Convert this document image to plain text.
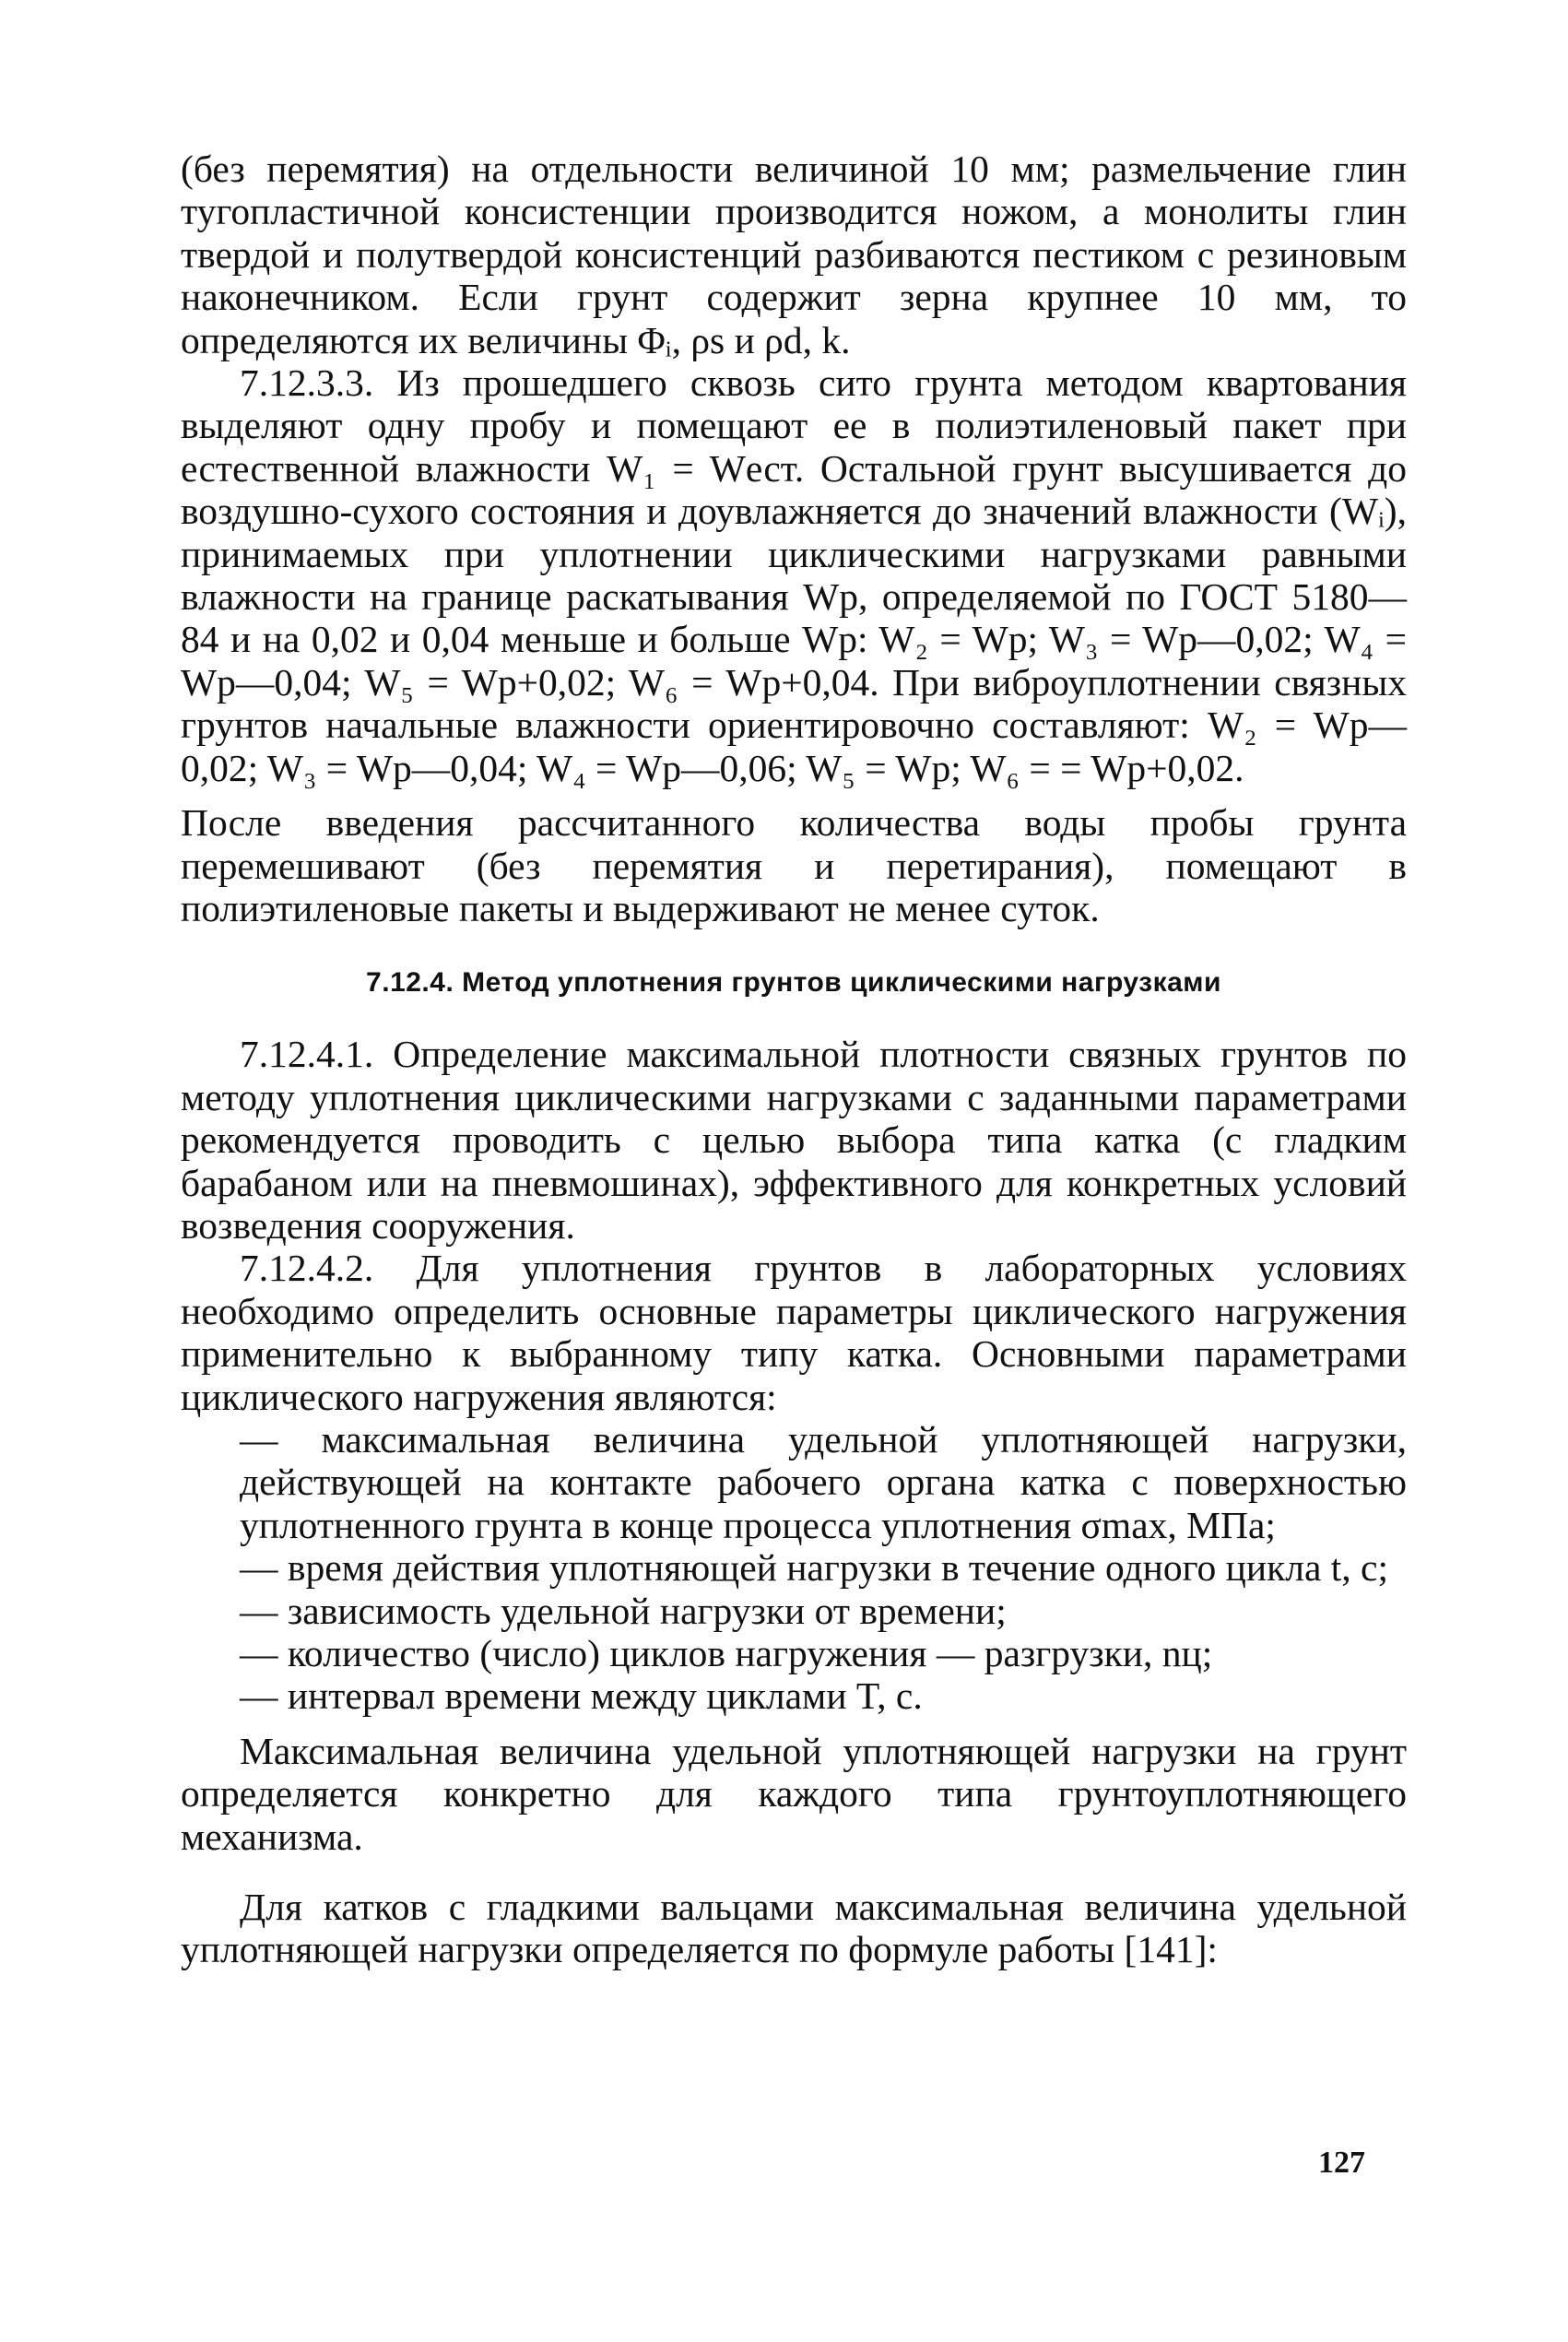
(без перемятия) на отдельности величиной 10 мм; размельчение глин тугопластичной консистенции производится ножом, а монолиты глин твердой и полутвердой консистенций разбиваются пестиком с резиновым наконечником. Если грунт содержит зерна крупнее 10 мм, то определяются их величины Φᵢ, ρs и ρd, k.

7.12.3.3. Из прошедшего сквозь сито грунта методом квартования выделяют одну пробу и помещают ее в полиэтиленовый пакет при естественной влажности W₁ = Wест. Остальной грунт высушивается до воздушно-сухого состояния и доувлажняется до значений влажности (Wᵢ), принимаемых при уплотнении циклическими нагрузками равными влажности на границе раскатывания Wp, определяемой по ГОСТ 5180—84 и на 0,02 и 0,04 меньше и больше Wp: W₂ = Wp; W₃ = Wp—0,02; W₄ = Wp—0,04; W₅ = Wp+0,02; W₆ = Wp+0,04. При виброуплотнении связных грунтов начальные влажности ориентировочно составляют: W₂ = Wp—0,02; W₃ = Wp—0,04; W₄ = Wp—0,06; W₅ = Wp; W₆ = = Wp+0,02.

После введения рассчитанного количества воды пробы грунта перемешивают (без перемятия и перетирания), помещают в полиэтиленовые пакеты и выдерживают не менее суток.

7.12.4. Метод уплотнения грунтов циклическими нагрузками

7.12.4.1. Определение максимальной плотности связных грунтов по методу уплотнения циклическими нагрузками с заданными параметрами рекомендуется проводить с целью выбора типа катка (с гладким барабаном или на пневмошинах), эффективного для конкретных условий возведения сооружения.

7.12.4.2. Для уплотнения грунтов в лабораторных условиях необходимо определить основные параметры циклического нагружения применительно к выбранному типу катка. Основными параметрами циклического нагружения являются:

— максимальная величина удельной уплотняющей нагрузки, действующей на контакте рабочего органа катка с поверхностью уплотненного грунта в конце процесса уплотнения σmax, МПа;

— время действия уплотняющей нагрузки в течение одного цикла t, с;

— зависимость удельной нагрузки от времени;

— количество (число) циклов нагружения — разгрузки, nц;

— интервал времени между циклами T, с.

Максимальная величина удельной уплотняющей нагрузки на грунт определяется конкретно для каждого типа грунтоуплотняющего механизма.

Для катков с гладкими вальцами максимальная величина удельной уплотняющей нагрузки определяется по формуле работы [141]:

127
